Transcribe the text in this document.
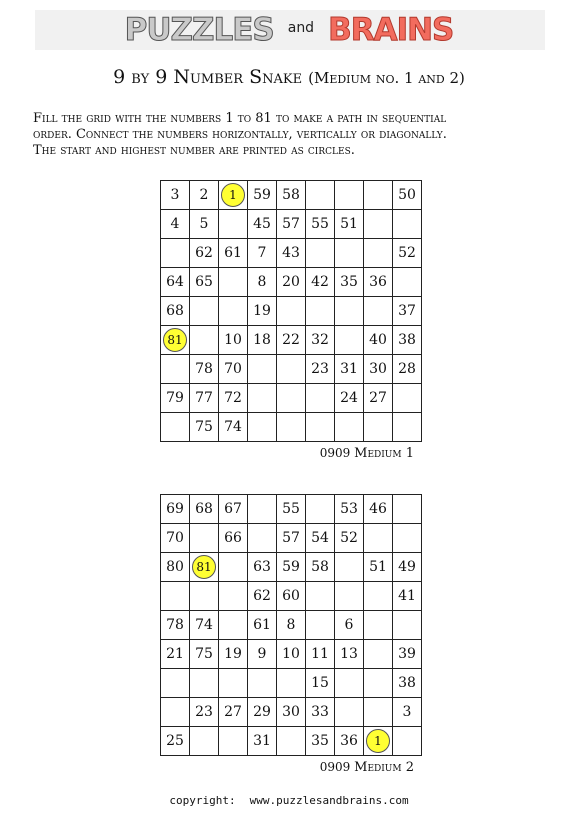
PUZZLES and BRAINS
9 by 9 Number Snake (Medium no. 1 and 2)
Fill the grid with the numbers 1 to 81 to make a path in sequential
order. Connect the numbers horizontally, vertically or diagonally.
The start and highest number are printed as circles.
3	2	1	59	58				50
4	5		45	57	55	51		
	62	61	7	43				52
64	65		8	20	42	35	36	
68			19					37
81		10	18	22	32		40	38
	78	70			23	31	30	28
79	77	72				24	27	
	75	74						
0909 Medium 1
69	68	67		55		53	46	
70		66		57	54	52		
80	81		63	59	58		51	49
			62	60				41
78	74		61	8		6		
21	75	19	9	10	11	13		39
					15			38
	23	27	29	30	33			3
25			31		35	36	1	
0909 Medium 2
copyright: www.puzzlesandbrains.com
